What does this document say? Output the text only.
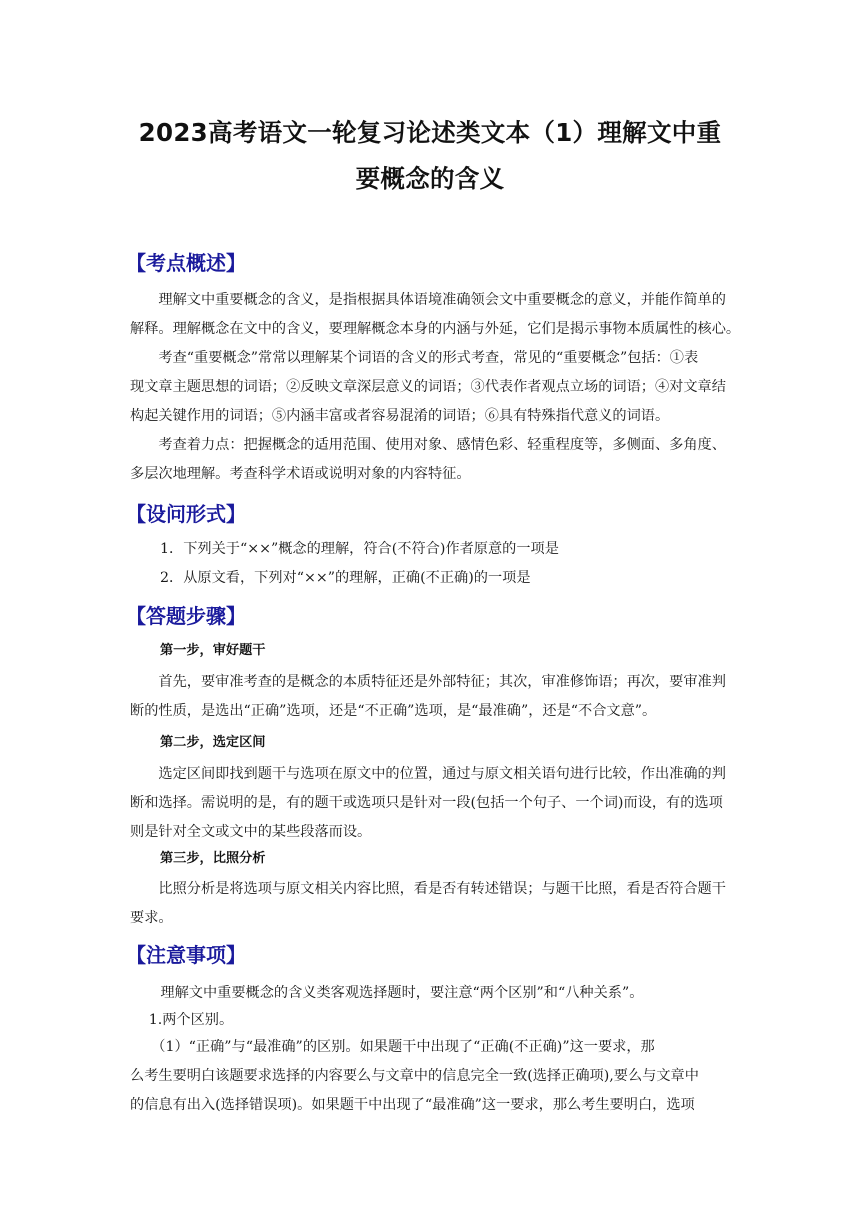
2023高考语文一轮复习论述类文本（1）理解文中重
要概念的含义
【考点概述】
　　理解文中重要概念的含义，是指根据具体语境准确领会文中重要概念的意义，并能作简单的
解释。理解概念在文中的含义，要理解概念本身的内涵与外延，它们是揭示事物本质属性的核心。
　　考查“重要概念”常常以理解某个词语的含义的形式考查，常见的“重要概念”包括：①表
现文章主题思想的词语；②反映文章深层意义的词语；③代表作者观点立场的词语；④对文章结
构起关键作用的词语；⑤内涵丰富或者容易混淆的词语；⑥具有特殊指代意义的词语。
　　考查着力点：把握概念的适用范围、使用对象、感情色彩、轻重程度等，多侧面、多角度、
多层次地理解。考查科学术语或说明对象的内容特征。
【设问形式】
1．下列关于“××”概念的理解，符合(不符合)作者原意的一项是
2．从原文看，下列对“××”的理解，正确(不正确)的一项是
【答题步骤】
第一步，审好题干
　　首先，要审准考查的是概念的本质特征还是外部特征；其次，审准修饰语；再次，要审准判
断的性质，是选出“正确”选项，还是“不正确”选项，是“最准确”，还是“不合文意”。
第二步，选定区间
　　选定区间即找到题干与选项在原文中的位置，通过与原文相关语句进行比较，作出准确的判
断和选择。需说明的是，有的题干或选项只是针对一段(包括一个句子、一个词)而设，有的选项
则是针对全文或文中的某些段落而设。
第三步，比照分析
　　比照分析是将选项与原文相关内容比照，看是否有转述错误；与题干比照，看是否符合题干
要求。
【注意事项】
　　理解文中重要概念的含义类客观选择题时，要注意“两个区别”和“八种关系”。
　 1.两个区别。
　　（1）“正确”与“最准确”的区别。如果题干中出现了“正确(不正确)”这一要求，那
么考生要明白该题要求选择的内容要么与文章中的信息完全一致(选择正确项),要么与文章中
的信息有出入(选择错误项)。如果题干中出现了“最准确”这一要求，那么考生要明白，选项
